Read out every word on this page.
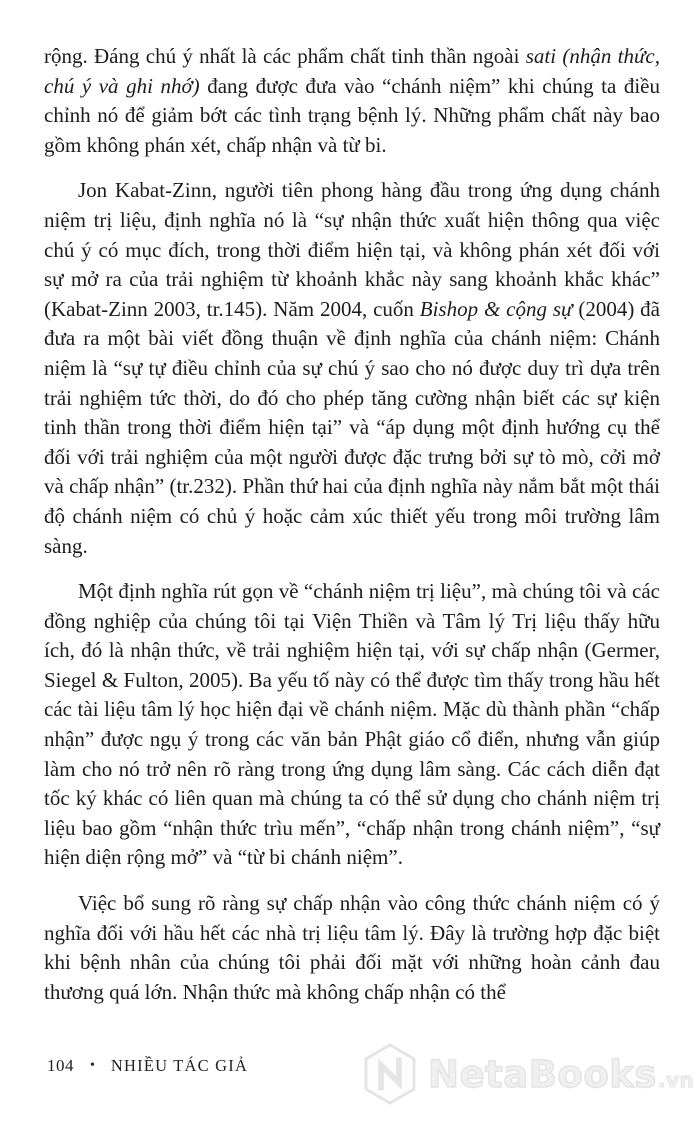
rộng. Đáng chú ý nhất là các phẩm chất tinh thần ngoài sati (nhận thức, chú ý và ghi nhớ) đang được đưa vào “chánh niệm” khi chúng ta điều chỉnh nó để giảm bớt các tình trạng bệnh lý. Những phẩm chất này bao gồm không phán xét, chấp nhận và từ bi.

Jon Kabat-Zinn, người tiên phong hàng đầu trong ứng dụng chánh niệm trị liệu, định nghĩa nó là “sự nhận thức xuất hiện thông qua việc chú ý có mục đích, trong thời điểm hiện tại, và không phán xét đối với sự mở ra của trải nghiệm từ khoảnh khắc này sang khoảnh khắc khác” (Kabat-Zinn 2003, tr.145). Năm 2004, cuốn Bishop & cộng sự (2004) đã đưa ra một bài viết đồng thuận về định nghĩa của chánh niệm: Chánh niệm là “sự tự điều chỉnh của sự chú ý sao cho nó được duy trì dựa trên trải nghiệm tức thời, do đó cho phép tăng cường nhận biết các sự kiện tinh thần trong thời điểm hiện tại” và “áp dụng một định hướng cụ thể đối với trải nghiệm của một người được đặc trưng bởi sự tò mò, cởi mở và chấp nhận” (tr.232). Phần thứ hai của định nghĩa này nắm bắt một thái độ chánh niệm có chủ ý hoặc cảm xúc thiết yếu trong môi trường lâm sàng.

Một định nghĩa rút gọn về “chánh niệm trị liệu”, mà chúng tôi và các đồng nghiệp của chúng tôi tại Viện Thiền và Tâm lý Trị liệu thấy hữu ích, đó là nhận thức, về trải nghiệm hiện tại, với sự chấp nhận (Germer, Siegel & Fulton, 2005). Ba yếu tố này có thể được tìm thấy trong hầu hết các tài liệu tâm lý học hiện đại về chánh niệm. Mặc dù thành phần “chấp nhận” được ngụ ý trong các văn bản Phật giáo cổ điển, nhưng vẫn giúp làm cho nó trở nên rõ ràng trong ứng dụng lâm sàng. Các cách diễn đạt tốc ký khác có liên quan mà chúng ta có thể sử dụng cho chánh niệm trị liệu bao gồm “nhận thức trìu mến”, “chấp nhận trong chánh niệm”, “sự hiện diện rộng mở” và “từ bi chánh niệm”.

Việc bổ sung rõ ràng sự chấp nhận vào công thức chánh niệm có ý nghĩa đối với hầu hết các nhà trị liệu tâm lý. Đây là trường hợp đặc biệt khi bệnh nhân của chúng tôi phải đối mặt với những hoàn cảnh đau thương quá lớn. Nhận thức mà không chấp nhận có thể

104 • NHIỀU TÁC GIẢ	Neta Books .vn
